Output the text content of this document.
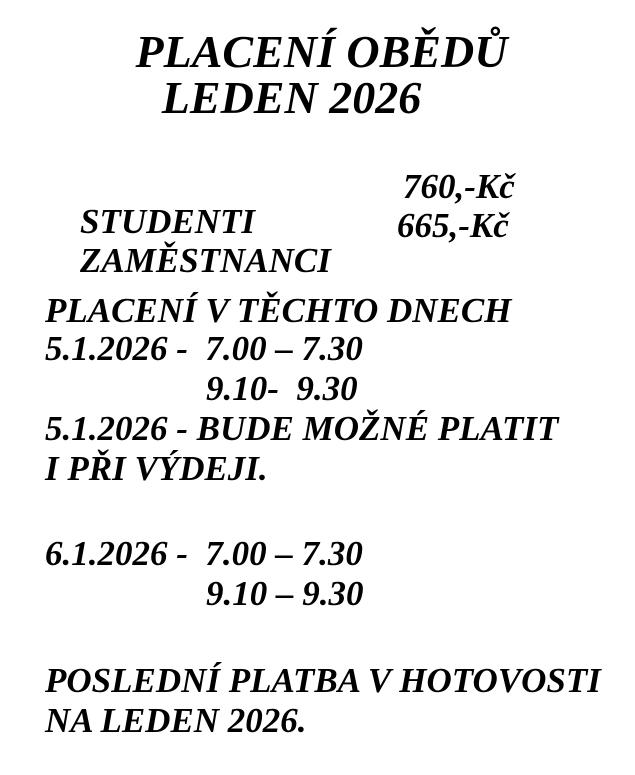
PLACENÍ OBĚDŮ
LEDEN 2026

STUDENTI

760,-Kč

ZAMĚSTNANCI

665,-Kč

PLACENÍ V TĚCHTO DNECH
5.1.2026 -  7.00 – 7.30
9.10-  9.30
5.1.2026 - BUDE MOŽNÉ PLATIT
I PŘI VÝDEJI.
6.1.2026 -  7.00 – 7.30
9.10 – 9.30
POSLEDNÍ PLATBA V HOTOVOSTI
NA LEDEN 2026.
